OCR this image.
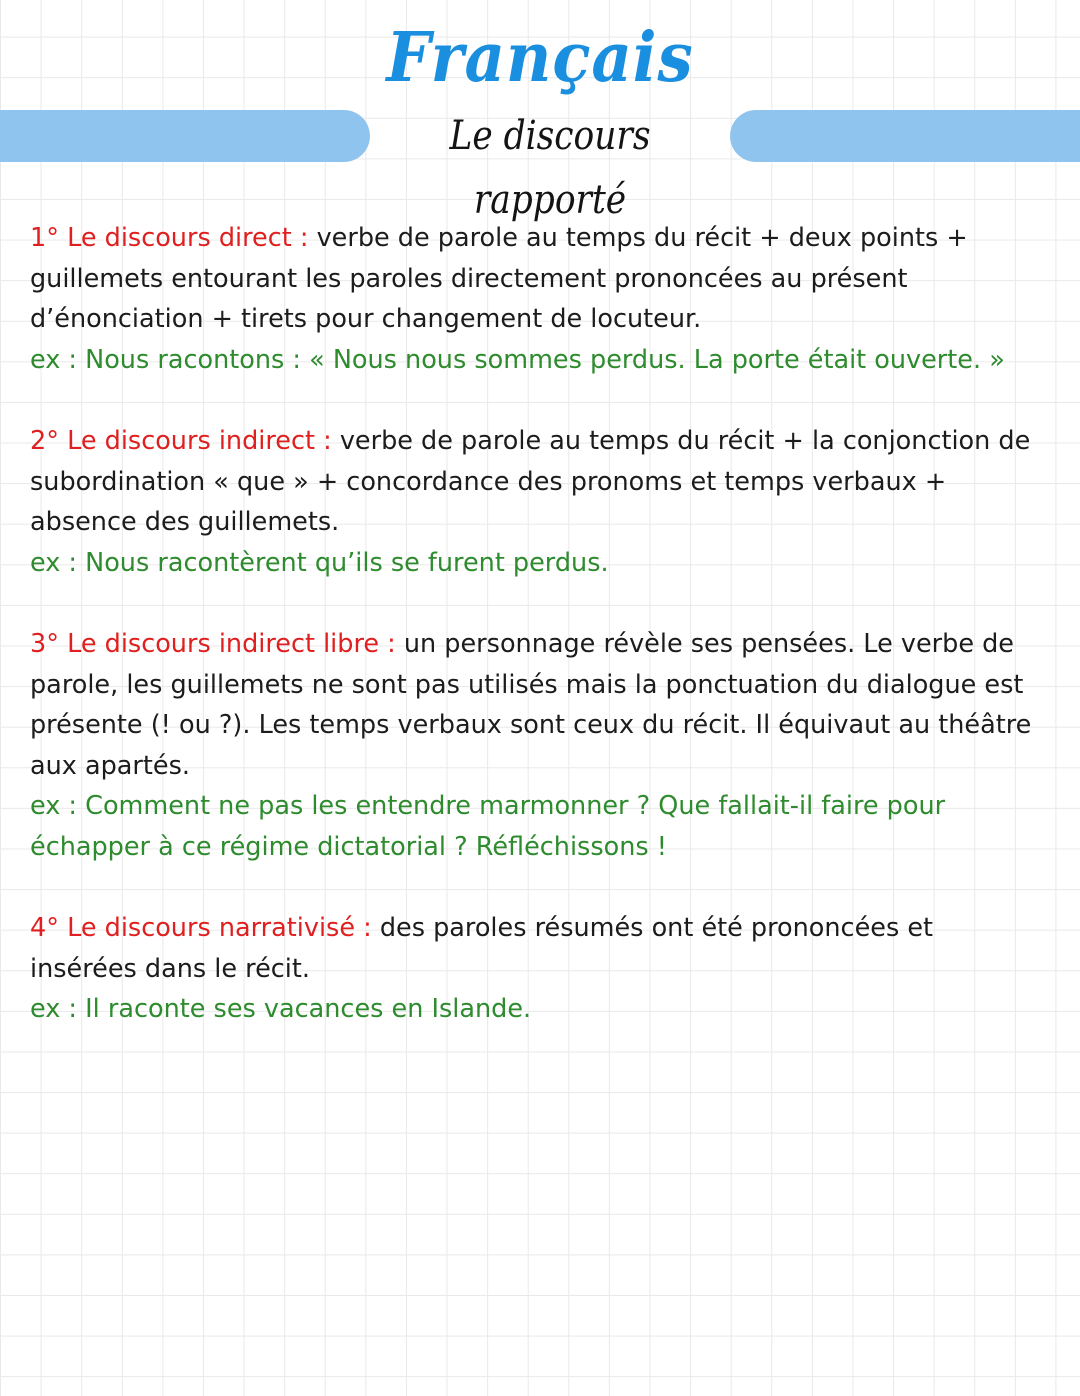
Français
Le discours rapporté
1° Le discours direct : verbe de parole au temps du récit + deux points + guillemets entourant les paroles directement prononcées au présent d’énonciation + tirets pour changement de locuteur.
ex : Nous racontons : « Nous nous sommes perdus. La porte était ouverte. »
2° Le discours indirect : verbe de parole au temps du récit + la conjonction de subordination « que » + concordance des pronoms et temps verbaux + absence des guillemets.
ex : Nous racontèrent qu’ils se furent perdus.
3° Le discours indirect libre : un personnage révèle ses pensées. Le verbe de parole, les guillemets ne sont pas utilisés mais la ponctuation du dialogue est présente (! ou ?). Les temps verbaux sont ceux du récit. Il équivaut au théâtre aux apartés.
ex : Comment ne pas les entendre marmonner ? Que fallait-il faire pour échapper à ce régime dictatorial ? Réfléchissons !
4° Le discours narrativisé : des paroles résumés ont été prononcées et insérées dans le récit.
ex : Il raconte ses vacances en Islande.
